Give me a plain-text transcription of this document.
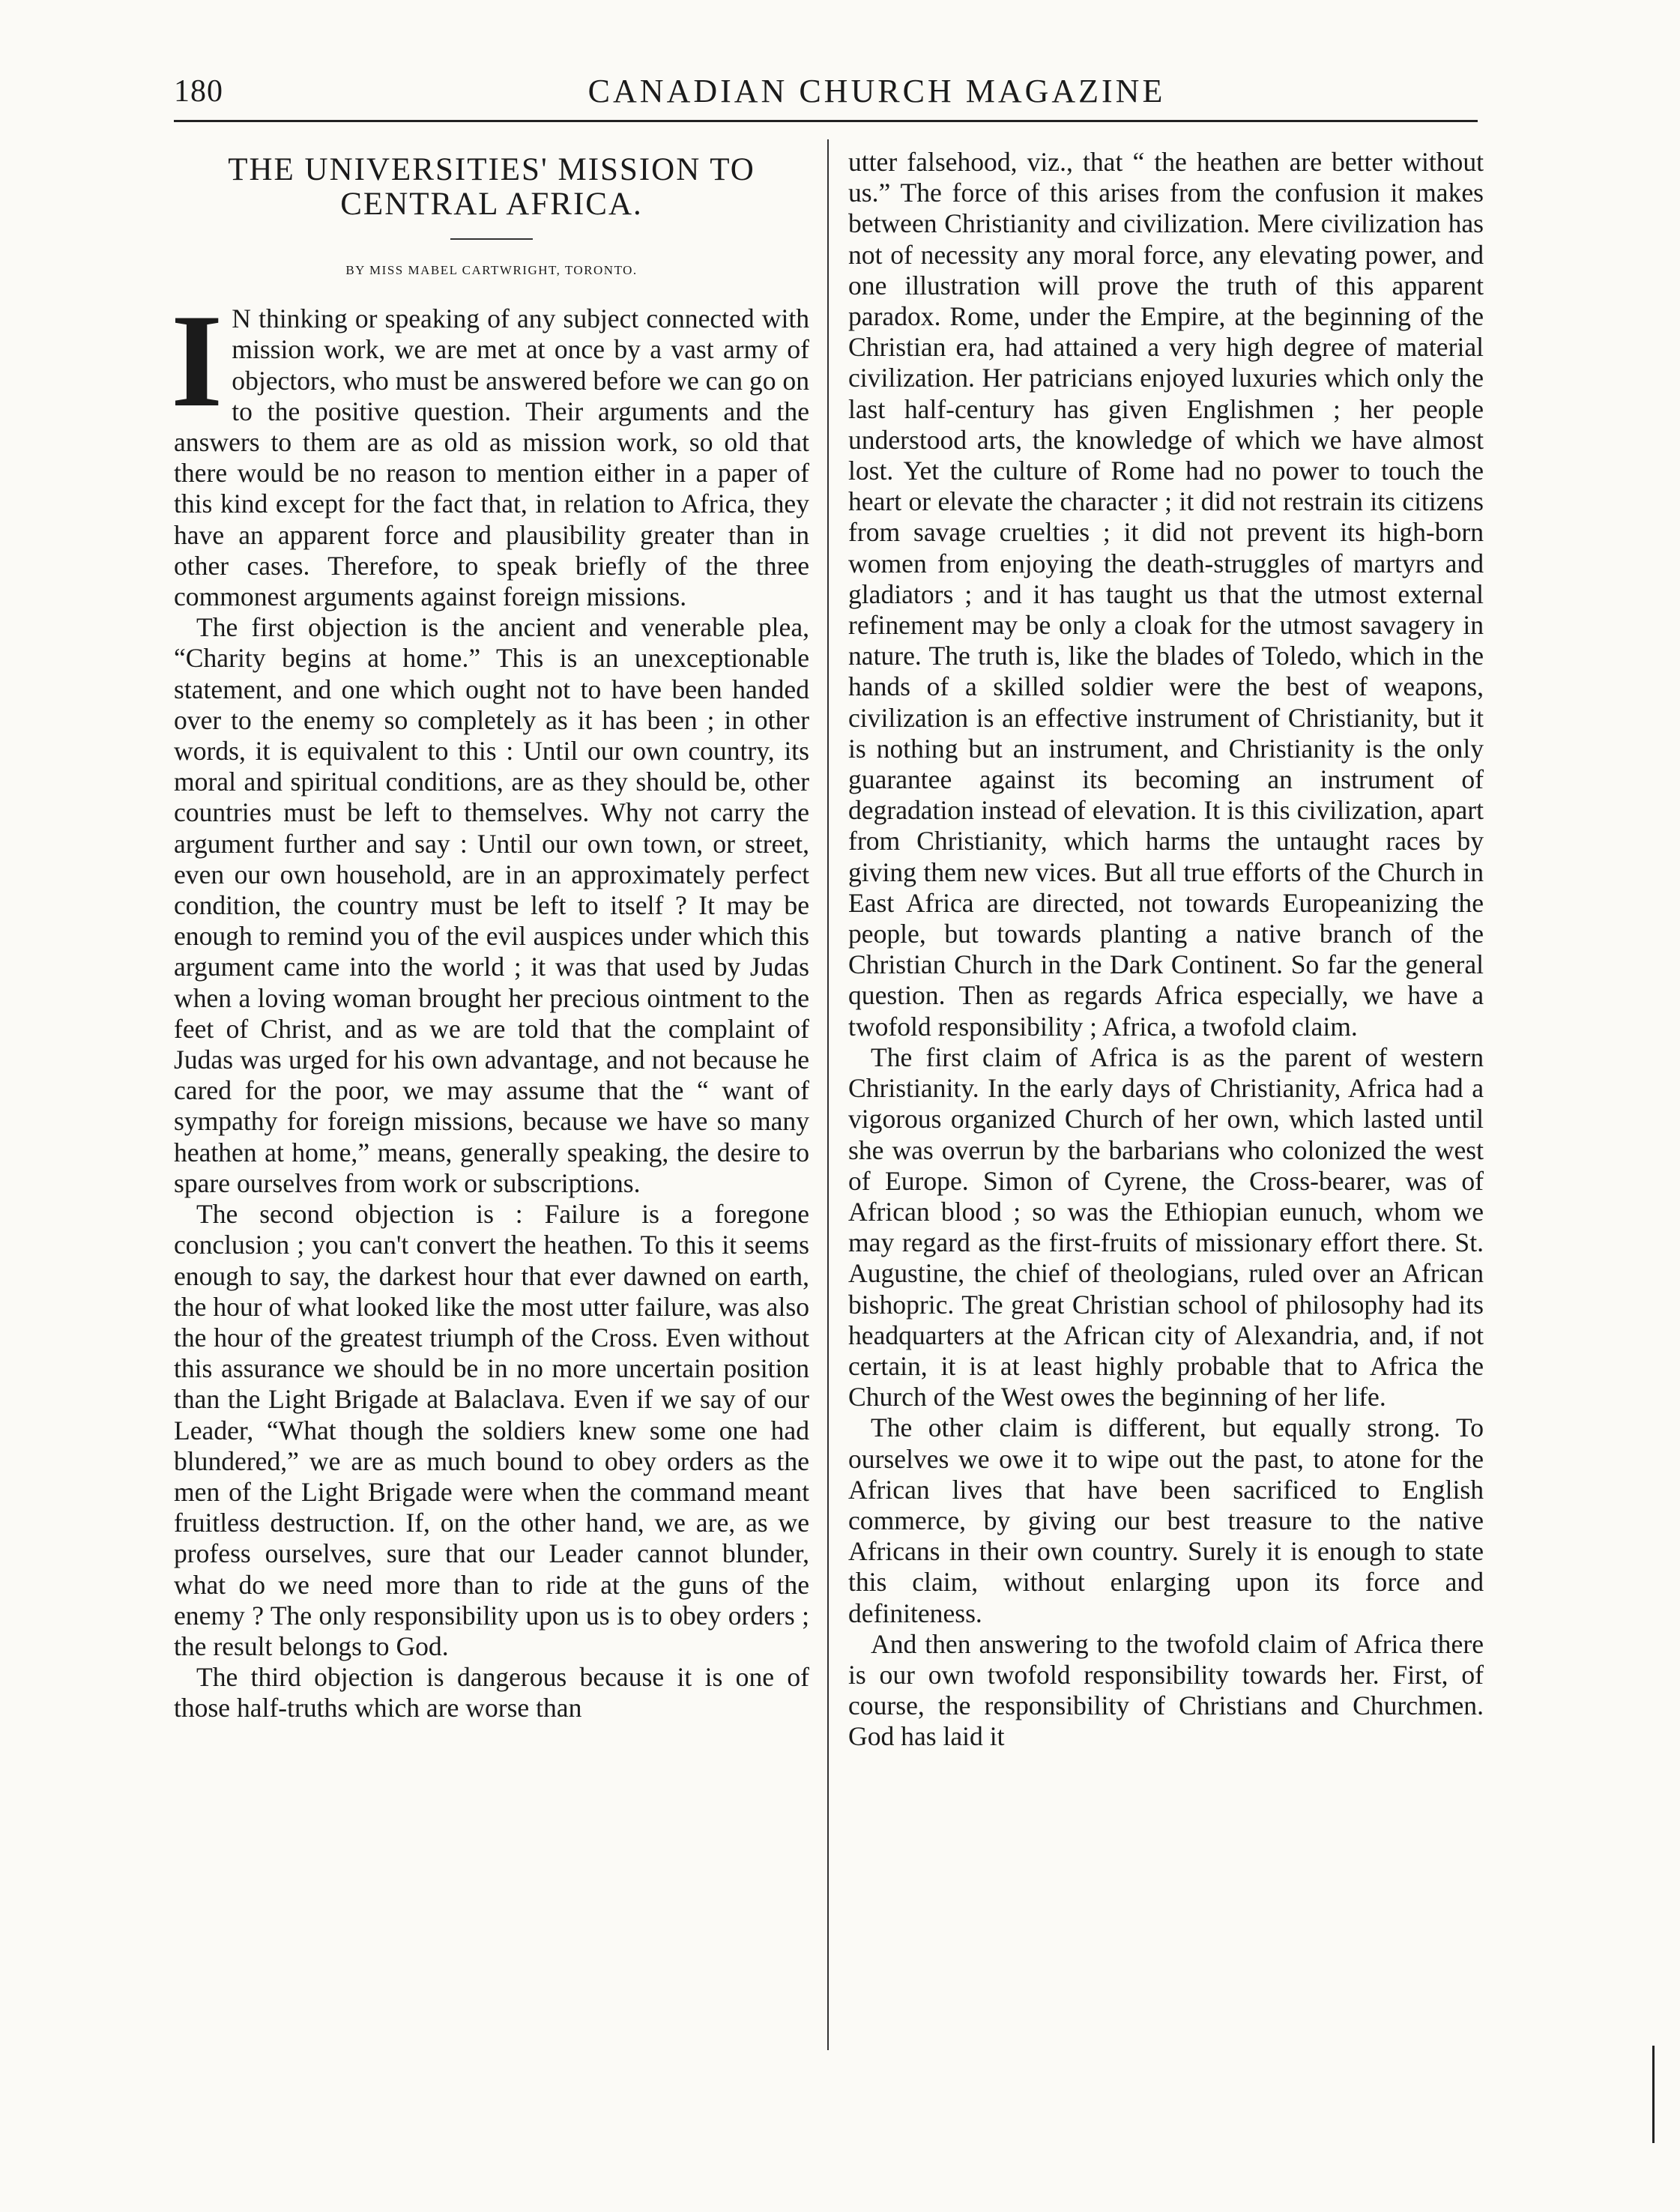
180	CANADIAN CHURCH MAGAZINE
THE UNIVERSITIES' MISSION TO CENTRAL AFRICA.
BY MISS MABEL CARTWRIGHT, TORONTO.

I N thinking or speaking of any subject connected with mission work, we are met at once by a vast army of objectors, who must be answered before we can go on to the positive question. Their arguments and the answers to them are as old as mission work, so old that there would be no reason to mention either in a paper of this kind except for the fact that, in relation to Africa, they have an apparent force and plausibility greater than in other cases. Therefore, to speak briefly of the three commonest arguments against foreign missions.

The first objection is the ancient and venerable plea, “Charity begins at home.” This is an unexceptionable statement, and one which ought not to have been handed over to the enemy so completely as it has been ; in other words, it is equivalent to this : Until our own country, its moral and spiritual conditions, are as they should be, other countries must be left to themselves. Why not carry the argument further and say : Until our own town, or street, even our own household, are in an approximately perfect condition, the country must be left to itself ? It may be enough to remind you of the evil auspices under which this argument came into the world ; it was that used by Judas when a loving woman brought her precious ointment to the feet of Christ, and as we are told that the complaint of Judas was urged for his own advantage, and not because he cared for the poor, we may assume that the “ want of sympathy for foreign missions, because we have so many heathen at home,” means, generally speaking, the desire to spare ourselves from work or subscriptions.

The second objection is : Failure is a foregone conclusion ; you can't convert the heathen. To this it seems enough to say, the darkest hour that ever dawned on earth, the hour of what looked like the most utter failure, was also the hour of the greatest triumph of the Cross. Even without this assurance we should be in no more uncertain position than the Light Brigade at Balaclava. Even if we say of our Leader, “What though the soldiers knew some one had blundered,” we are as much bound to obey orders as the men of the Light Brigade were when the command meant fruitless destruction. If, on the other hand, we are, as we profess ourselves, sure that our Leader cannot blunder, what do we need more than to ride at the guns of the enemy ? The only responsibility upon us is to obey orders ; the result belongs to God.

The third objection is dangerous because it is one of those half-truths which are worse than

utter falsehood, viz., that “ the heathen are better without us.” The force of this arises from the confusion it makes between Christianity and civilization. Mere civilization has not of necessity any moral force, any elevating power, and one illustration will prove the truth of this apparent paradox. Rome, under the Empire, at the beginning of the Christian era, had attained a very high degree of material civilization. Her patricians enjoyed luxuries which only the last half-century has given Englishmen ; her people understood arts, the knowledge of which we have almost lost. Yet the culture of Rome had no power to touch the heart or elevate the character ; it did not restrain its citizens from savage cruelties ; it did not prevent its high-born women from enjoying the death-struggles of martyrs and gladiators ; and it has taught us that the utmost external refinement may be only a cloak for the utmost savagery in nature. The truth is, like the blades of Toledo, which in the hands of a skilled soldier were the best of weapons, civilization is an effective instrument of Christianity, but it is nothing but an instrument, and Christianity is the only guarantee against its becoming an instrument of degradation instead of elevation. It is this civilization, apart from Christianity, which harms the untaught races by giving them new vices. But all true efforts of the Church in East Africa are directed, not towards Europeanizing the people, but towards planting a native branch of the Christian Church in the Dark Continent. So far the general question. Then as regards Africa especially, we have a twofold responsibility ; Africa, a twofold claim.

The first claim of Africa is as the parent of western Christianity. In the early days of Christianity, Africa had a vigorous organized Church of her own, which lasted until she was overrun by the barbarians who colonized the west of Europe. Simon of Cyrene, the Cross-bearer, was of African blood ; so was the Ethiopian eunuch, whom we may regard as the first-fruits of missionary effort there. St. Augustine, the chief of theologians, ruled over an African bishopric. The great Christian school of philosophy had its headquarters at the African city of Alexandria, and, if not certain, it is at least highly probable that to Africa the Church of the West owes the beginning of her life.

The other claim is different, but equally strong. To ourselves we owe it to wipe out the past, to atone for the African lives that have been sacrificed to English commerce, by giving our best treasure to the native Africans in their own country. Surely it is enough to state this claim, without enlarging upon its force and definiteness.

And then answering to the twofold claim of Africa there is our own twofold responsibility towards her. First, of course, the responsibility of Christians and Churchmen. God has laid it
